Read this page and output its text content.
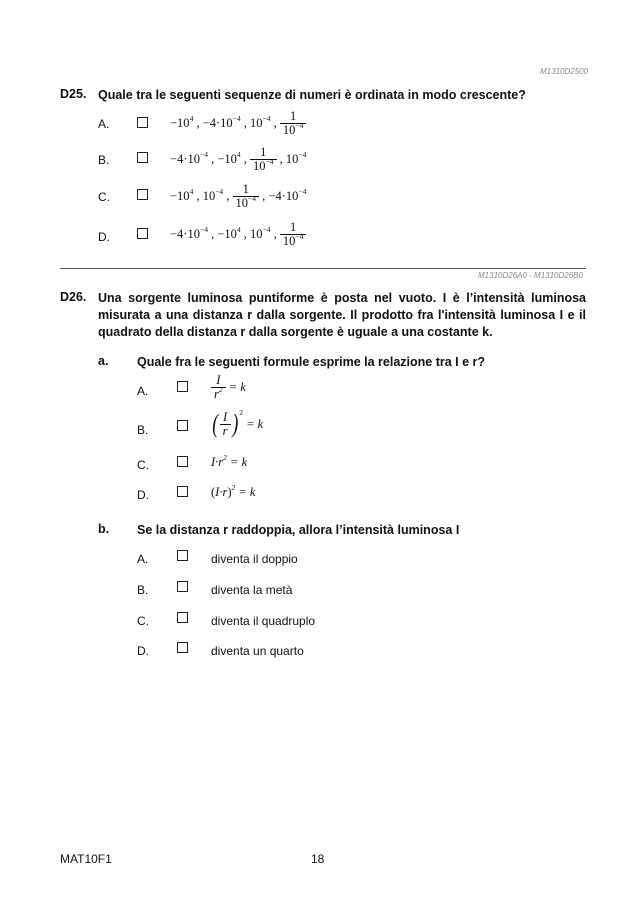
M1310D2500
D25. Quale tra le seguenti sequenze di numeri è ordinata in modo crescente?
A.	$-10^4$ , $-4\cdot 10^{-4}$ , $10^{-4}$ , $\frac{1}{10^{-4}}$
B.	$-4\cdot 10^{-4}$ , $-10^4$ , $\frac{1}{10^{-4}}$ , $10^{-4}$
C.	$-10^4$ , $10^{-4}$ , $\frac{1}{10^{-4}}$ , $-4\cdot 10^{-4}$
D.	$-4\cdot 10^{-4}$ , $-10^4$ , $10^{-4}$ , $\frac{1}{10^{-4}}$
M1310D26A0 - M1310D26B0
D26. Una sorgente luminosa puntiforme è posta nel vuoto. I è l’intensità luminosa misurata a una distanza r dalla sorgente. Il prodotto fra l'intensità luminosa I e il quadrato della distanza r dalla sorgente è uguale a una costante k.
a. Quale fra le seguenti formule esprime la relazione tra I e r?
A.	$\frac{I}{r^2} = k$
B. ( $\frac{I}{r}$ ) 2
= k
C.	$I\cdot r^2 = k$
D.	$(I\cdot r)^2 = k$
b. Se la distanza r raddoppia, allora l’intensità luminosa I
A.	diventa il doppio
B.	diventa la metà
C.	diventa il quadruplo
D.	diventa un quarto
MAT10F1	18
